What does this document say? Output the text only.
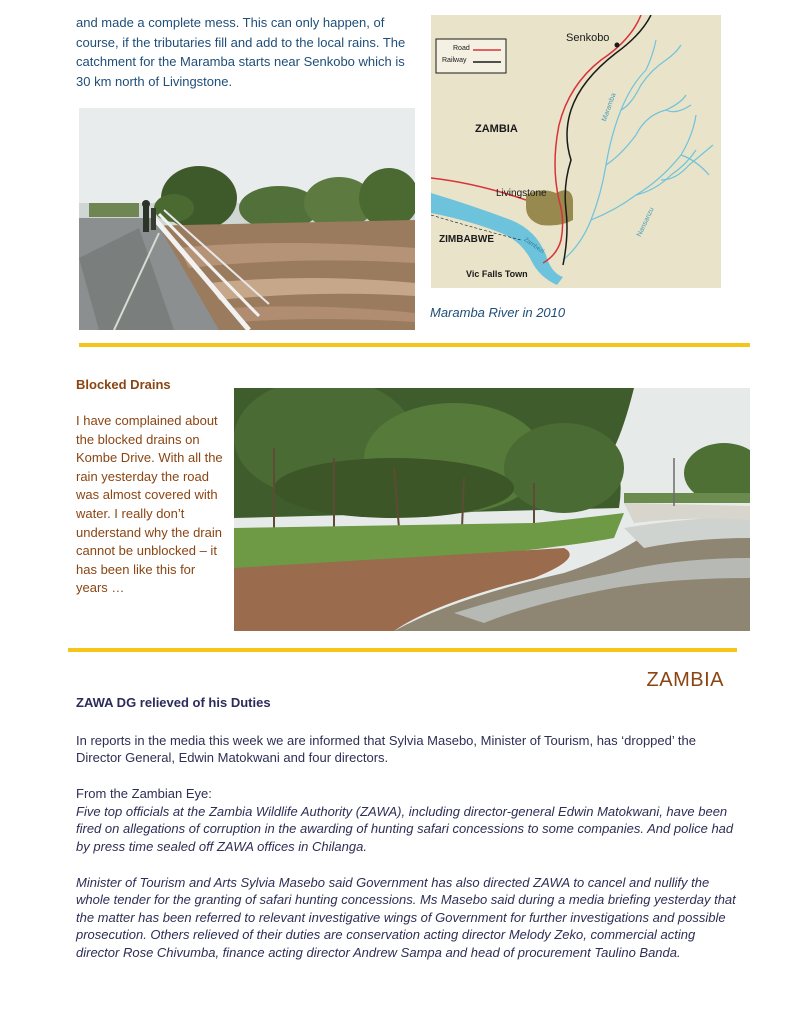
and made a complete mess. This can only happen, of course, if the tributaries fill and add to the local rains. The catchment for the Maramba starts near Senkobo which is 30 km north of Livingstone.

Road
Railway
Senkobo
ZAMBIA
Livingstone
ZIMBABWE
Vic Falls Town
Maramba
Nansanzu
Zambezi
Maramba River in 2010
Blocked Drains

I have complained about the blocked drains on Kombe Drive. With all the rain yesterday the road was almost covered with water. I really don’t understand why the drain cannot be unblocked – it has been like this for years …

ZAMBIA
ZAWA DG relieved of his Duties

In reports in the media this week we are informed that Sylvia Masebo, Minister of Tourism, has ‘dropped’ the Director General, Edwin Matokwani and four directors.

From the Zambian Eye:

Five top officials at the Zambia Wildlife Authority (ZAWA), including director-general Edwin Matokwani, have been fired on allegations of corruption in the awarding of hunting safari concessions to some companies. And police had by press time sealed off ZAWA offices in Chilanga.

Minister of Tourism and Arts Sylvia Masebo said Government has also directed ZAWA to cancel and nullify the whole tender for the granting of safari hunting concessions. Ms Masebo said during a media briefing yesterday that the matter has been referred to relevant investigative wings of Government for further investigations and possible prosecution. Others relieved of their duties are conservation acting director Melody Zeko, commercial acting director Rose Chivumba, finance acting director Andrew Sampa and head of procurement Taulino Banda.
